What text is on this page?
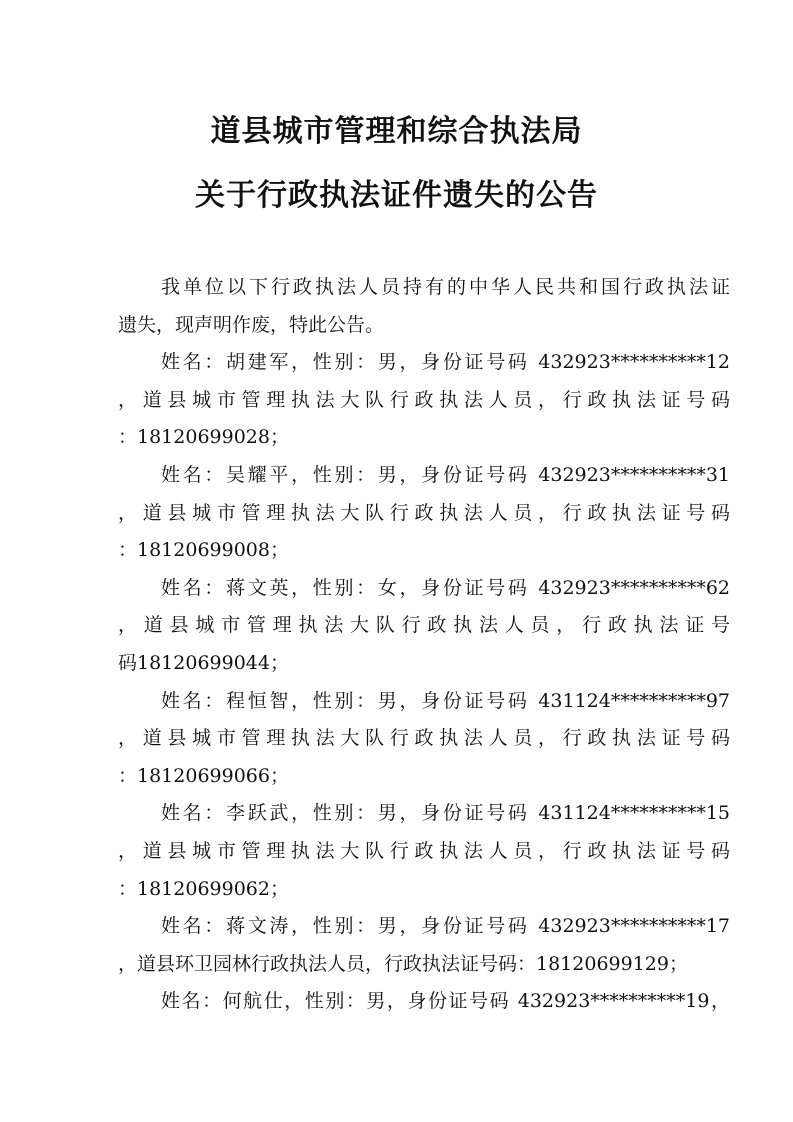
道县城市管理和综合执法局
关于行政执法证件遗失的公告
我单位以下行政执法人员持有的中华人民共和国行政执法证
遗失，现声明作废，特此公告。
姓名：胡建军，性别：男，身份证号码 432923**********12
，道县城市管理执法大队行政执法人员，行政执法证号码
：18120699028；
姓名：吴耀平，性别：男，身份证号码 432923**********31
，道县城市管理执法大队行政执法人员，行政执法证号码
：18120699008；
姓名：蒋文英，性别：女，身份证号码 432923**********62
，道县城市管理执法大队行政执法人员，行政执法证号
码18120699044；
姓名：程恒智，性别：男，身份证号码 431124**********97
，道县城市管理执法大队行政执法人员，行政执法证号码
：18120699066；
姓名：李跃武，性别：男，身份证号码 431124**********15
，道县城市管理执法大队行政执法人员，行政执法证号码
：18120699062；
姓名：蒋文涛，性别：男，身份证号码 432923**********17
，道县环卫园林行政执法人员，行政执法证号码：18120699129；
姓名：何航仕，性别：男，身份证号码 432923**********19，
